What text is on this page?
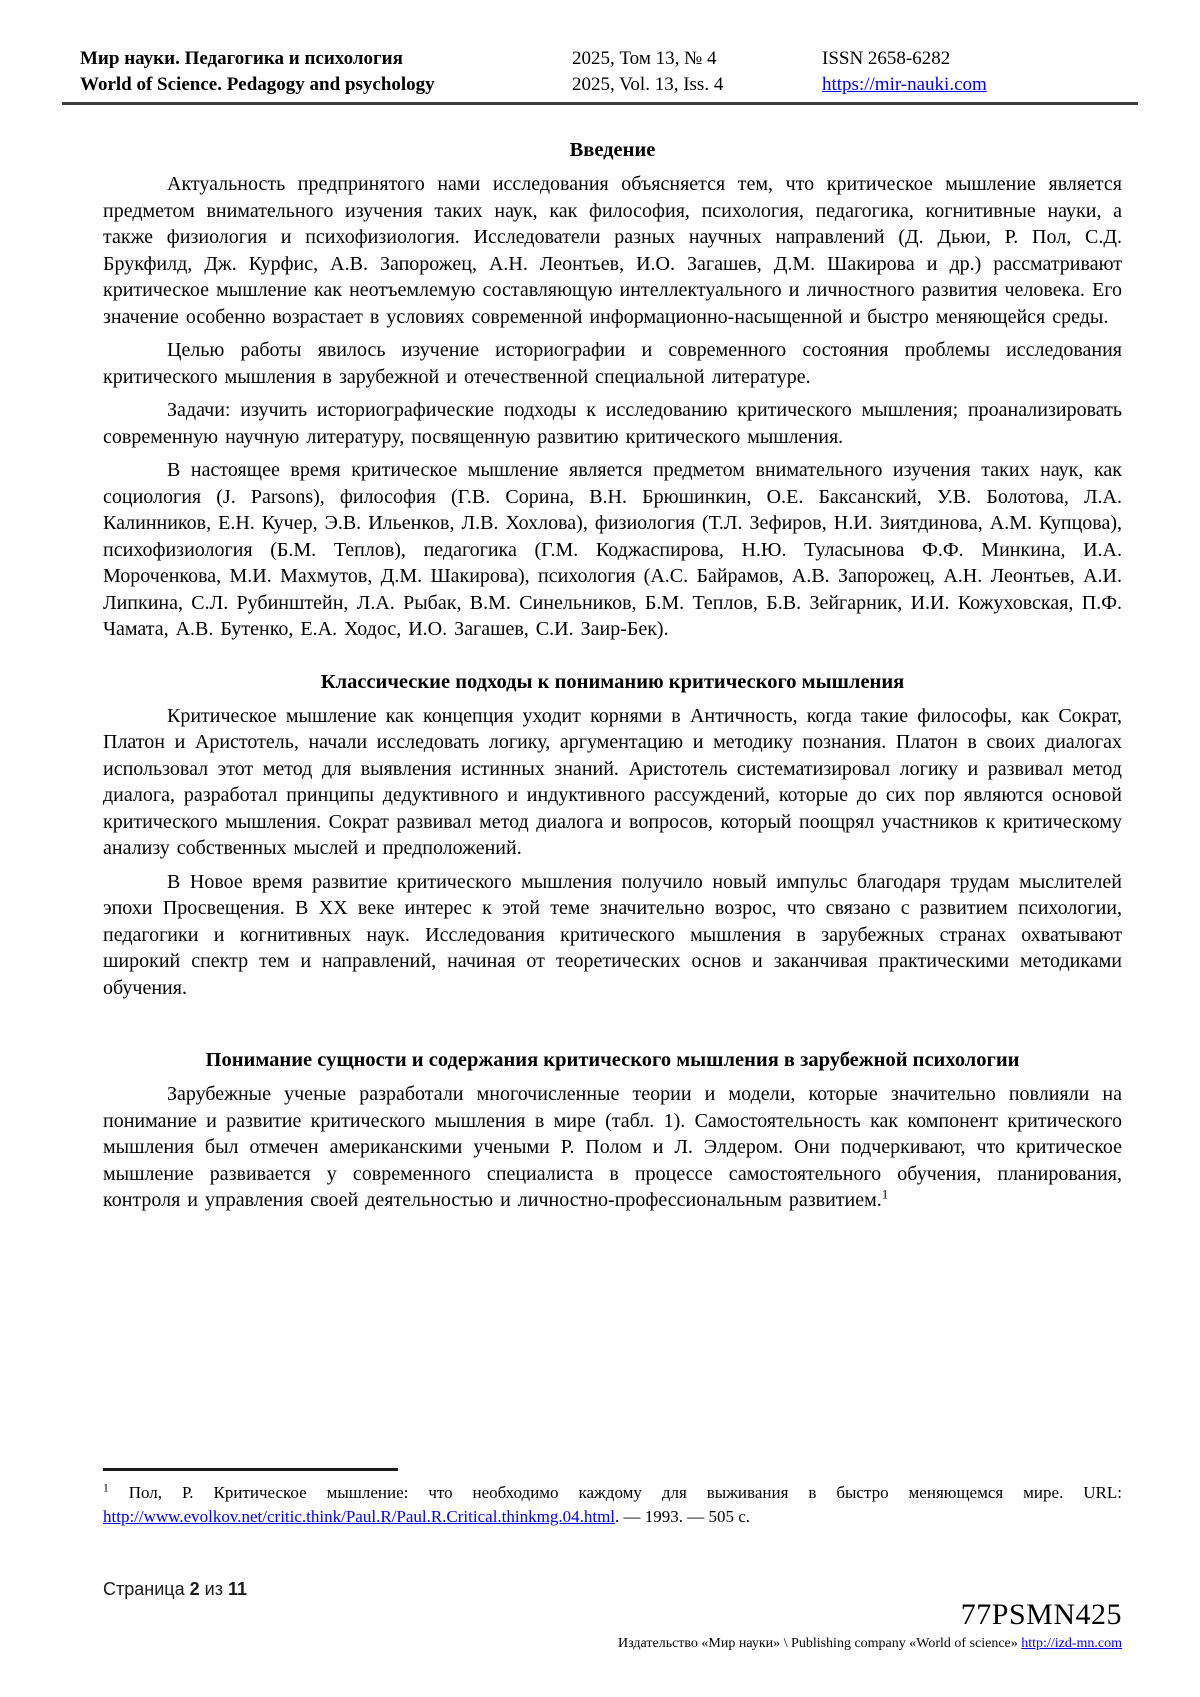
Мир науки. Педагогика и психология
World of Science. Pedagogy and psychology
2025, Том 13, № 4
2025, Vol. 13, Iss. 4
ISSN 2658-6282
https://mir-nauki.com
Введение

Актуальность предпринятого нами исследования объясняется тем, что критическое мышление является предметом внимательного изучения таких наук, как философия, психология, педагогика, когнитивные науки, а также физиология и психофизиология. Исследователи разных научных направлений (Д. Дьюи, Р. Пол, С.Д. Брукфилд, Дж. Курфис, А.В. Запорожец, А.Н. Леонтьев, И.О. Загашев, Д.М. Шакирова и др.) рассматривают критическое мышление как неотъемлемую составляющую интеллектуального и личностного развития человека. Его значение особенно возрастает в условиях современной информационно-насыщенной и быстро меняющейся среды.

Целью работы явилось изучение историографии и современного состояния проблемы исследования критического мышления в зарубежной и отечественной специальной литературе.

Задачи: изучить историографические подходы к исследованию критического мышления; проанализировать современную научную литературу, посвященную развитию критического мышления.

В настоящее время критическое мышление является предметом внимательного изучения таких наук, как социология (J. Parsons), философия (Г.В. Сорина, В.Н. Брюшинкин, О.Е. Баксанский, У.В. Болотова, Л.А. Калинников, Е.Н. Кучер, Э.В. Ильенков, Л.В. Хохлова), физиология (Т.Л. Зефиров, Н.И. Зиятдинова, А.М. Купцова), психофизиология (Б.М. Теплов), педагогика (Г.М. Коджаспирова, Н.Ю. Туласынова Ф.Ф. Минкина, И.А. Мороченкова, М.И. Махмутов, Д.М. Шакирова), психология (А.С. Байрамов, А.В. Запорожец, А.Н. Леонтьев, А.И. Липкина, С.Л. Рубинштейн, Л.А. Рыбак, В.М. Синельников, Б.М. Теплов, Б.В. Зейгарник, И.И. Кожуховская, П.Ф. Чамата, А.В. Бутенко, Е.А. Ходос, И.О. Загашев, С.И. Заир-Бек).

Классические подходы к пониманию критического мышления

Критическое мышление как концепция уходит корнями в Античность, когда такие философы, как Сократ, Платон и Аристотель, начали исследовать логику, аргументацию и методику познания. Платон в своих диалогах использовал этот метод для выявления истинных знаний. Аристотель систематизировал логику и развивал метод диалога, разработал принципы дедуктивного и индуктивного рассуждений, которые до сих пор являются основой критического мышления. Сократ развивал метод диалога и вопросов, который поощрял участников к критическому анализу собственных мыслей и предположений.

В Новое время развитие критического мышления получило новый импульс благодаря трудам мыслителей эпохи Просвещения. В XX веке интерес к этой теме значительно возрос, что связано с развитием психологии, педагогики и когнитивных наук. Исследования критического мышления в зарубежных странах охватывают широкий спектр тем и направлений, начиная от теоретических основ и заканчивая практическими методиками обучения.

Понимание сущности и содержания критического мышления в зарубежной психологии

Зарубежные ученые разработали многочисленные теории и модели, которые значительно повлияли на понимание и развитие критического мышления в мире (табл. 1). Самостоятельность как компонент критического мышления был отмечен американскими учеными Р. Полом и Л. Элдером. Они подчеркивают, что критическое мышление развивается у современного специалиста в процессе самостоятельного обучения, планирования, контроля и управления своей деятельностью и личностно-профессиональным развитием.$^1$

$^1$ Пол, Р. Критическое мышление: что необходимо каждому для выживания в быстро меняющемся мире. URL: http://www.evolkov.net/critic.think/Paul.R/Paul.R.Critical.thinkmg.04.html. — 1993. — 505 с.

Страница 2 из 11
77PSMN425
Издательство «Мир науки» \ Publishing company «World of science» http://izd-mn.com
